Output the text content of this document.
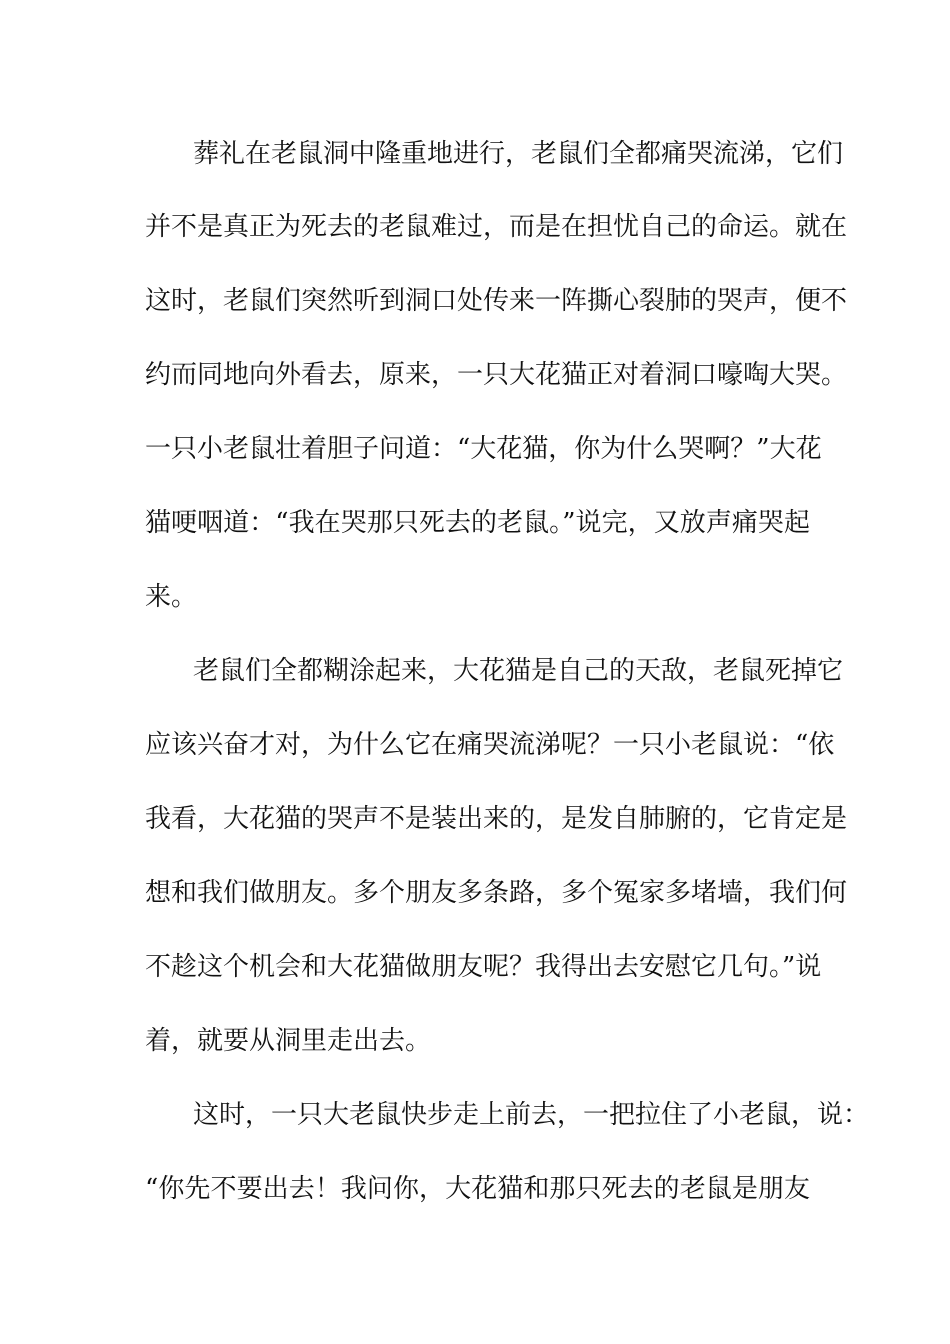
葬礼在老鼠洞中隆重地进行，老鼠们全都痛哭流涕，它们
并不是真正为死去的老鼠难过，而是在担忧自己的命运。就在
这时，老鼠们突然听到洞口处传来一阵撕心裂肺的哭声，便不
约而同地向外看去，原来，一只大花猫正对着洞口嚎啕大哭。
一只小老鼠壮着胆子问道：“大花猫，你为什么哭啊？”大花
猫哽咽道：“我在哭那只死去的老鼠。”说完，又放声痛哭起
来。
老鼠们全都糊涂起来，大花猫是自己的天敌，老鼠死掉它
应该兴奋才对，为什么它在痛哭流涕呢？一只小老鼠说：“依
我看，大花猫的哭声不是装出来的，是发自肺腑的，它肯定是
想和我们做朋友。多个朋友多条路，多个冤家多堵墙，我们何
不趁这个机会和大花猫做朋友呢？我得出去安慰它几句。”说
着，就要从洞里走出去。
这时，一只大老鼠快步走上前去，一把拉住了小老鼠，说：
“你先不要出去！我问你，大花猫和那只死去的老鼠是朋友
